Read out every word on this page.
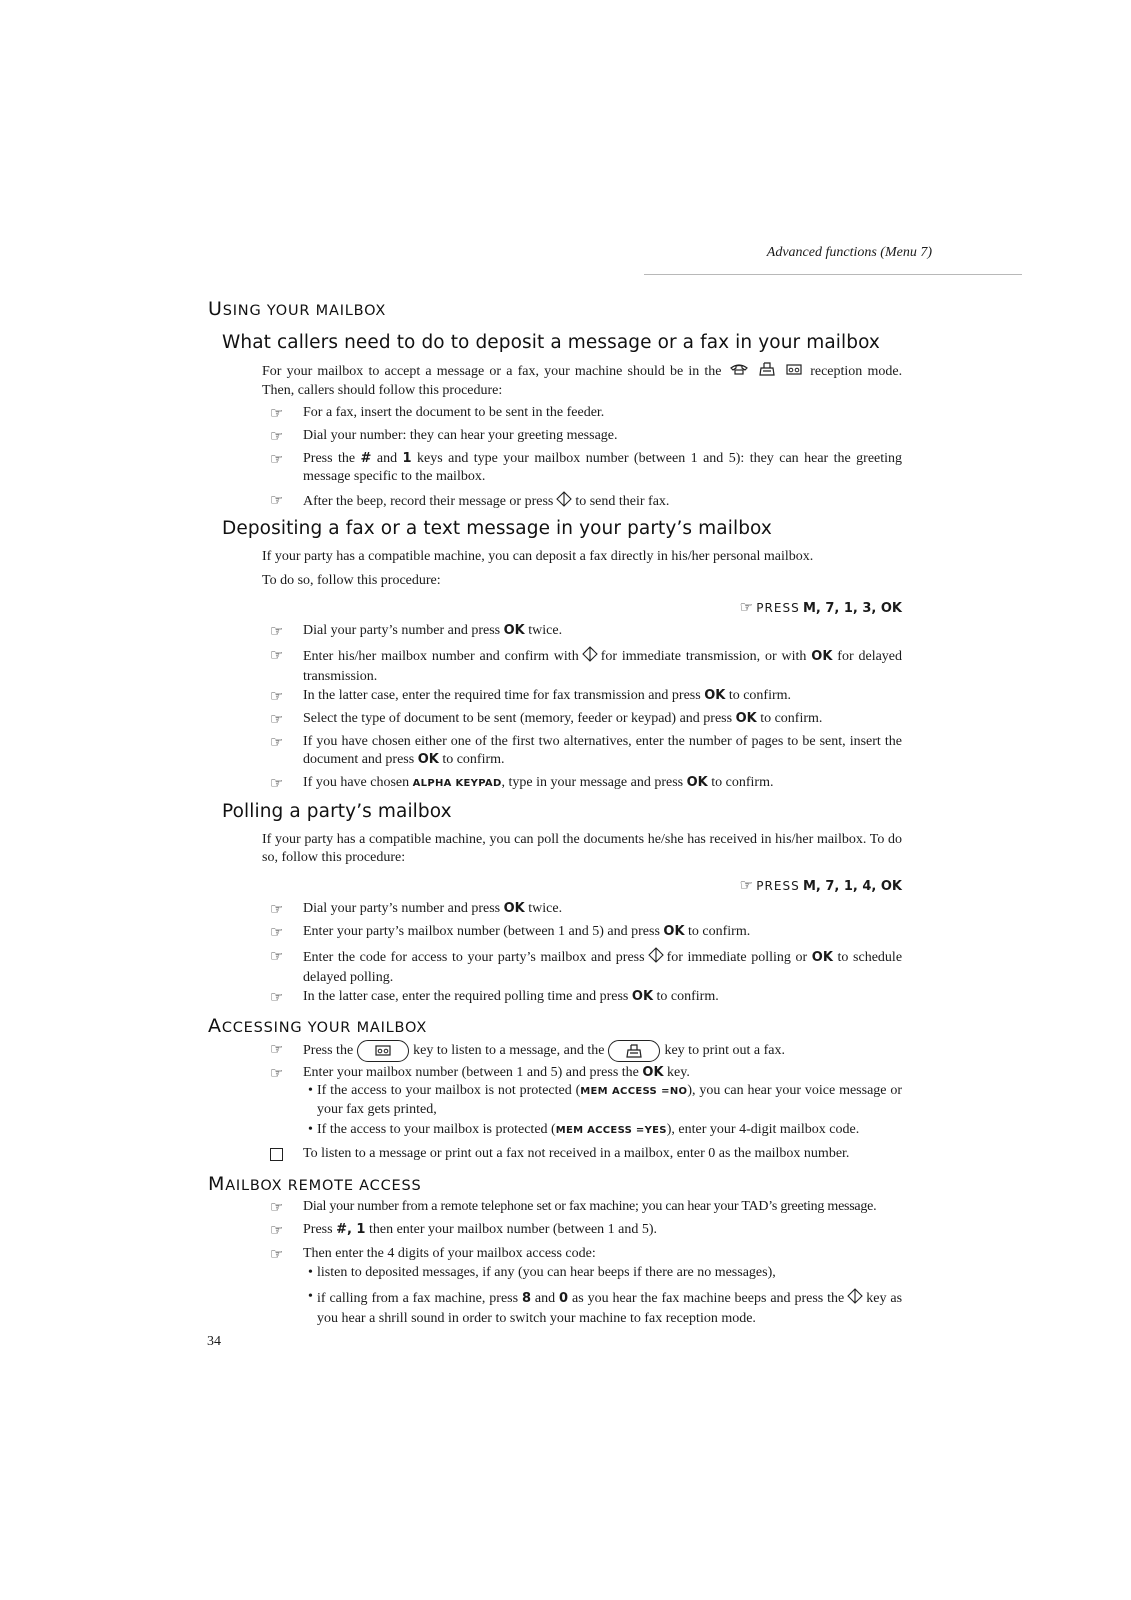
Advanced functions (Menu 7)
USING YOUR MAILBOX
What callers need to do to deposit a message or a fax in your mailbox
For your mailbox to accept a message or a fax, your machine should be in the	reception mode. Then, callers should follow this procedure:
☞	For a fax, insert the document to be sent in the feeder.
☞	Dial your number: they can hear your greeting message.
☞	Press the # and 1 keys and type your mailbox number (between 1 and 5): they can hear the greeting message specific to the mailbox.
☞	After the beep, record their message or press to send their fax.
Depositing a fax or a text message in your party’s mailbox
If your party has a compatible machine, you can deposit a fax directly in his/her personal mailbox.
To do so, follow this procedure:
☞ PRESS M, 7, 1, 3, OK
☞	Dial your party’s number and press OK twice.
☞	Enter his/her mailbox number and confirm with for immediate transmission, or with OK for delayed transmission.
☞	In the latter case, enter the required time for fax transmission and press OK to confirm.
☞	Select the type of document to be sent (memory, feeder or keypad) and press OK to confirm.
☞	If you have chosen either one of the first two alternatives, enter the number of pages to be sent, insert the document and press OK to confirm.
☞	If you have chosen ALPHA KEYPAD, type in your message and press OK to confirm.
Polling a party’s mailbox
If your party has a compatible machine, you can poll the documents he/she has received in his/her mailbox. To do so, follow this procedure:
☞ PRESS M, 7, 1, 4, OK
☞	Dial your party’s number and press OK twice.
☞	Enter your party’s mailbox number (between 1 and 5) and press OK to confirm.
☞	Enter the code for access to your party’s mailbox and press for immediate polling or OK to schedule delayed polling.
☞	In the latter case, enter the required polling time and press OK to confirm.
ACCESSING YOUR MAILBOX
☞	Press the	key to listen to a message, and the	key to print out a fax.
☞	Enter your mailbox number (between 1 and 5) and press the OK key.
• If the access to your mailbox is not protected (MEM ACCESS =NO), you can hear your voice message or your fax gets printed,
• If the access to your mailbox is protected (MEM ACCESS =YES), enter your 4-digit mailbox code.
To listen to a message or print out a fax not received in a mailbox, enter 0 as the mailbox number.
MAILBOX REMOTE ACCESS
☞	Dial your number from a remote telephone set or fax machine; you can hear your TAD’s greeting message.
☞	Press #, 1 then enter your mailbox number (between 1 and 5).
☞	Then enter the 4 digits of your mailbox access code:
• listen to deposited messages, if any (you can hear beeps if there are no messages),
• if calling from a fax machine, press 8 and 0 as you hear the fax machine beeps and press the key as you hear a shrill sound in order to switch your machine to fax reception mode.
34
